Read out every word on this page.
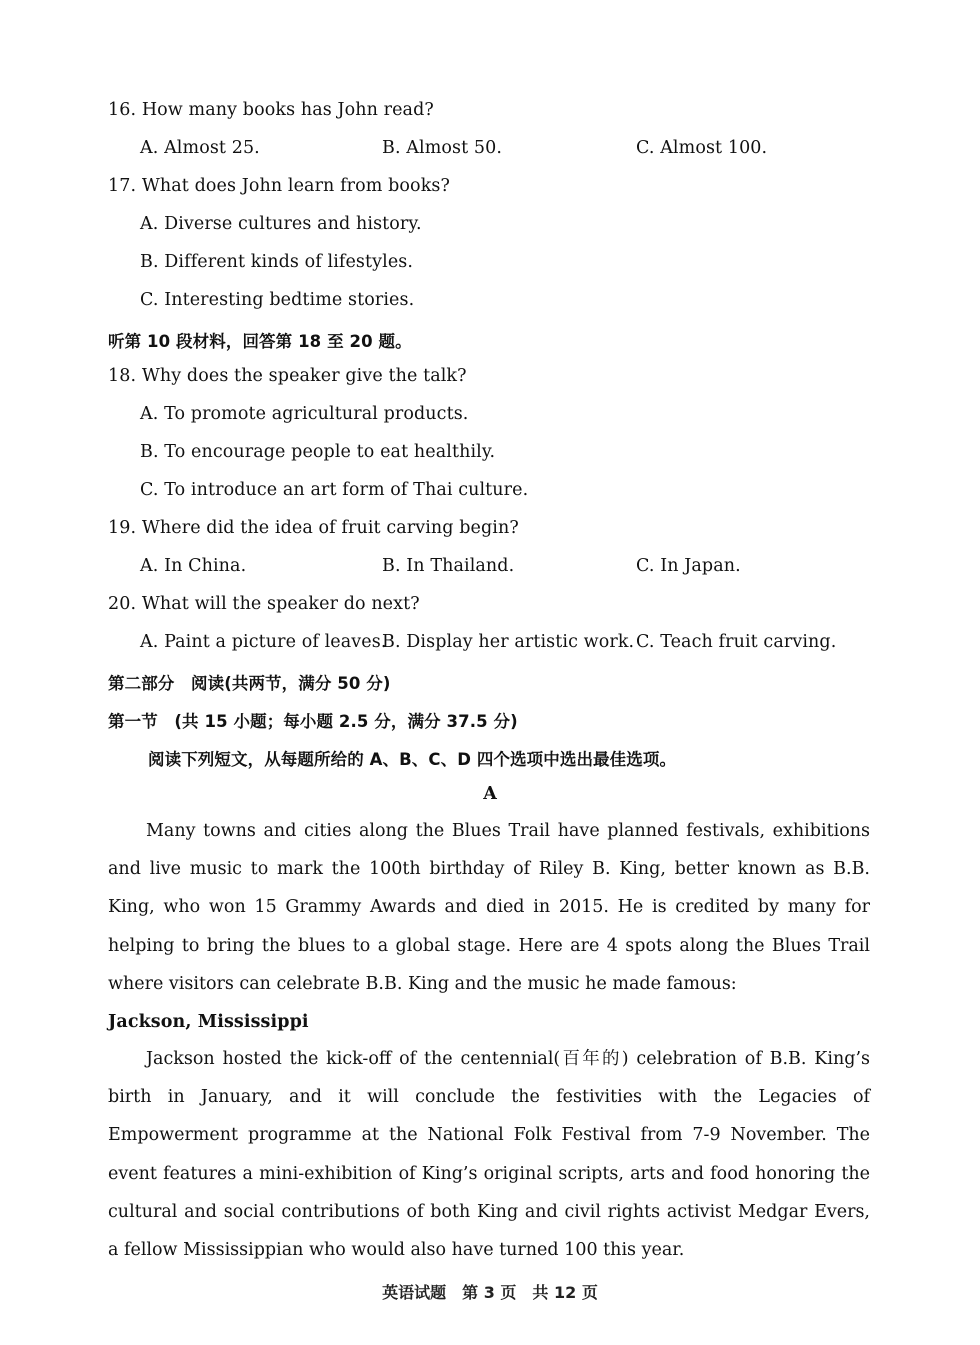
16. How many books has John read?
A. Almost 25.	B. Almost 50.	C. Almost 100.
17. What does John learn from books?
A. Diverse cultures and history.
B. Different kinds of lifestyles.
C. Interesting bedtime stories.
听第 10 段材料，回答第 18 至 20 题。
18. Why does the speaker give the talk?
A. To promote agricultural products.
B. To encourage people to eat healthily.
C. To introduce an art form of Thai culture.
19. Where did the idea of fruit carving begin?
A. In China.	B. In Thailand.	C. In Japan.
20. What will the speaker do next?
A. Paint a picture of leaves.
B. Display her artistic work. C. Teach fruit carving.
第二部分　阅读(共两节，满分 50 分)
第一节　(共 15 小题；每小题 2.5 分，满分 37.5 分)
阅读下列短文，从每题所给的 A、B、C、D 四个选项中选出最佳选项。
A

Many towns and cities along the Blues Trail have planned festivals, exhibitions and live music to mark the 100th birthday of Riley B. King, better known as B.B. King, who won 15 Grammy Awards and died in 2015. He is credited by many for helping to bring the blues to a global stage. Here are 4 spots along the Blues Trail where visitors can celebrate B.B. King and the music he made famous:

Jackson, Mississippi

Jackson hosted the kick-off of the centennial(百年的) celebration of B.B. King’s birth in January, and it will conclude the festivities with the Legacies of Empowerment programme at the National Folk Festival from 7-9 November. The event features a mini-exhibition of King’s original scripts, arts and food honoring the cultural and social contributions of both King and civil rights activist Medgar Evers, a fellow Mississippian who would also have turned 100 this year.

英语试题　第 3 页　共 12 页
